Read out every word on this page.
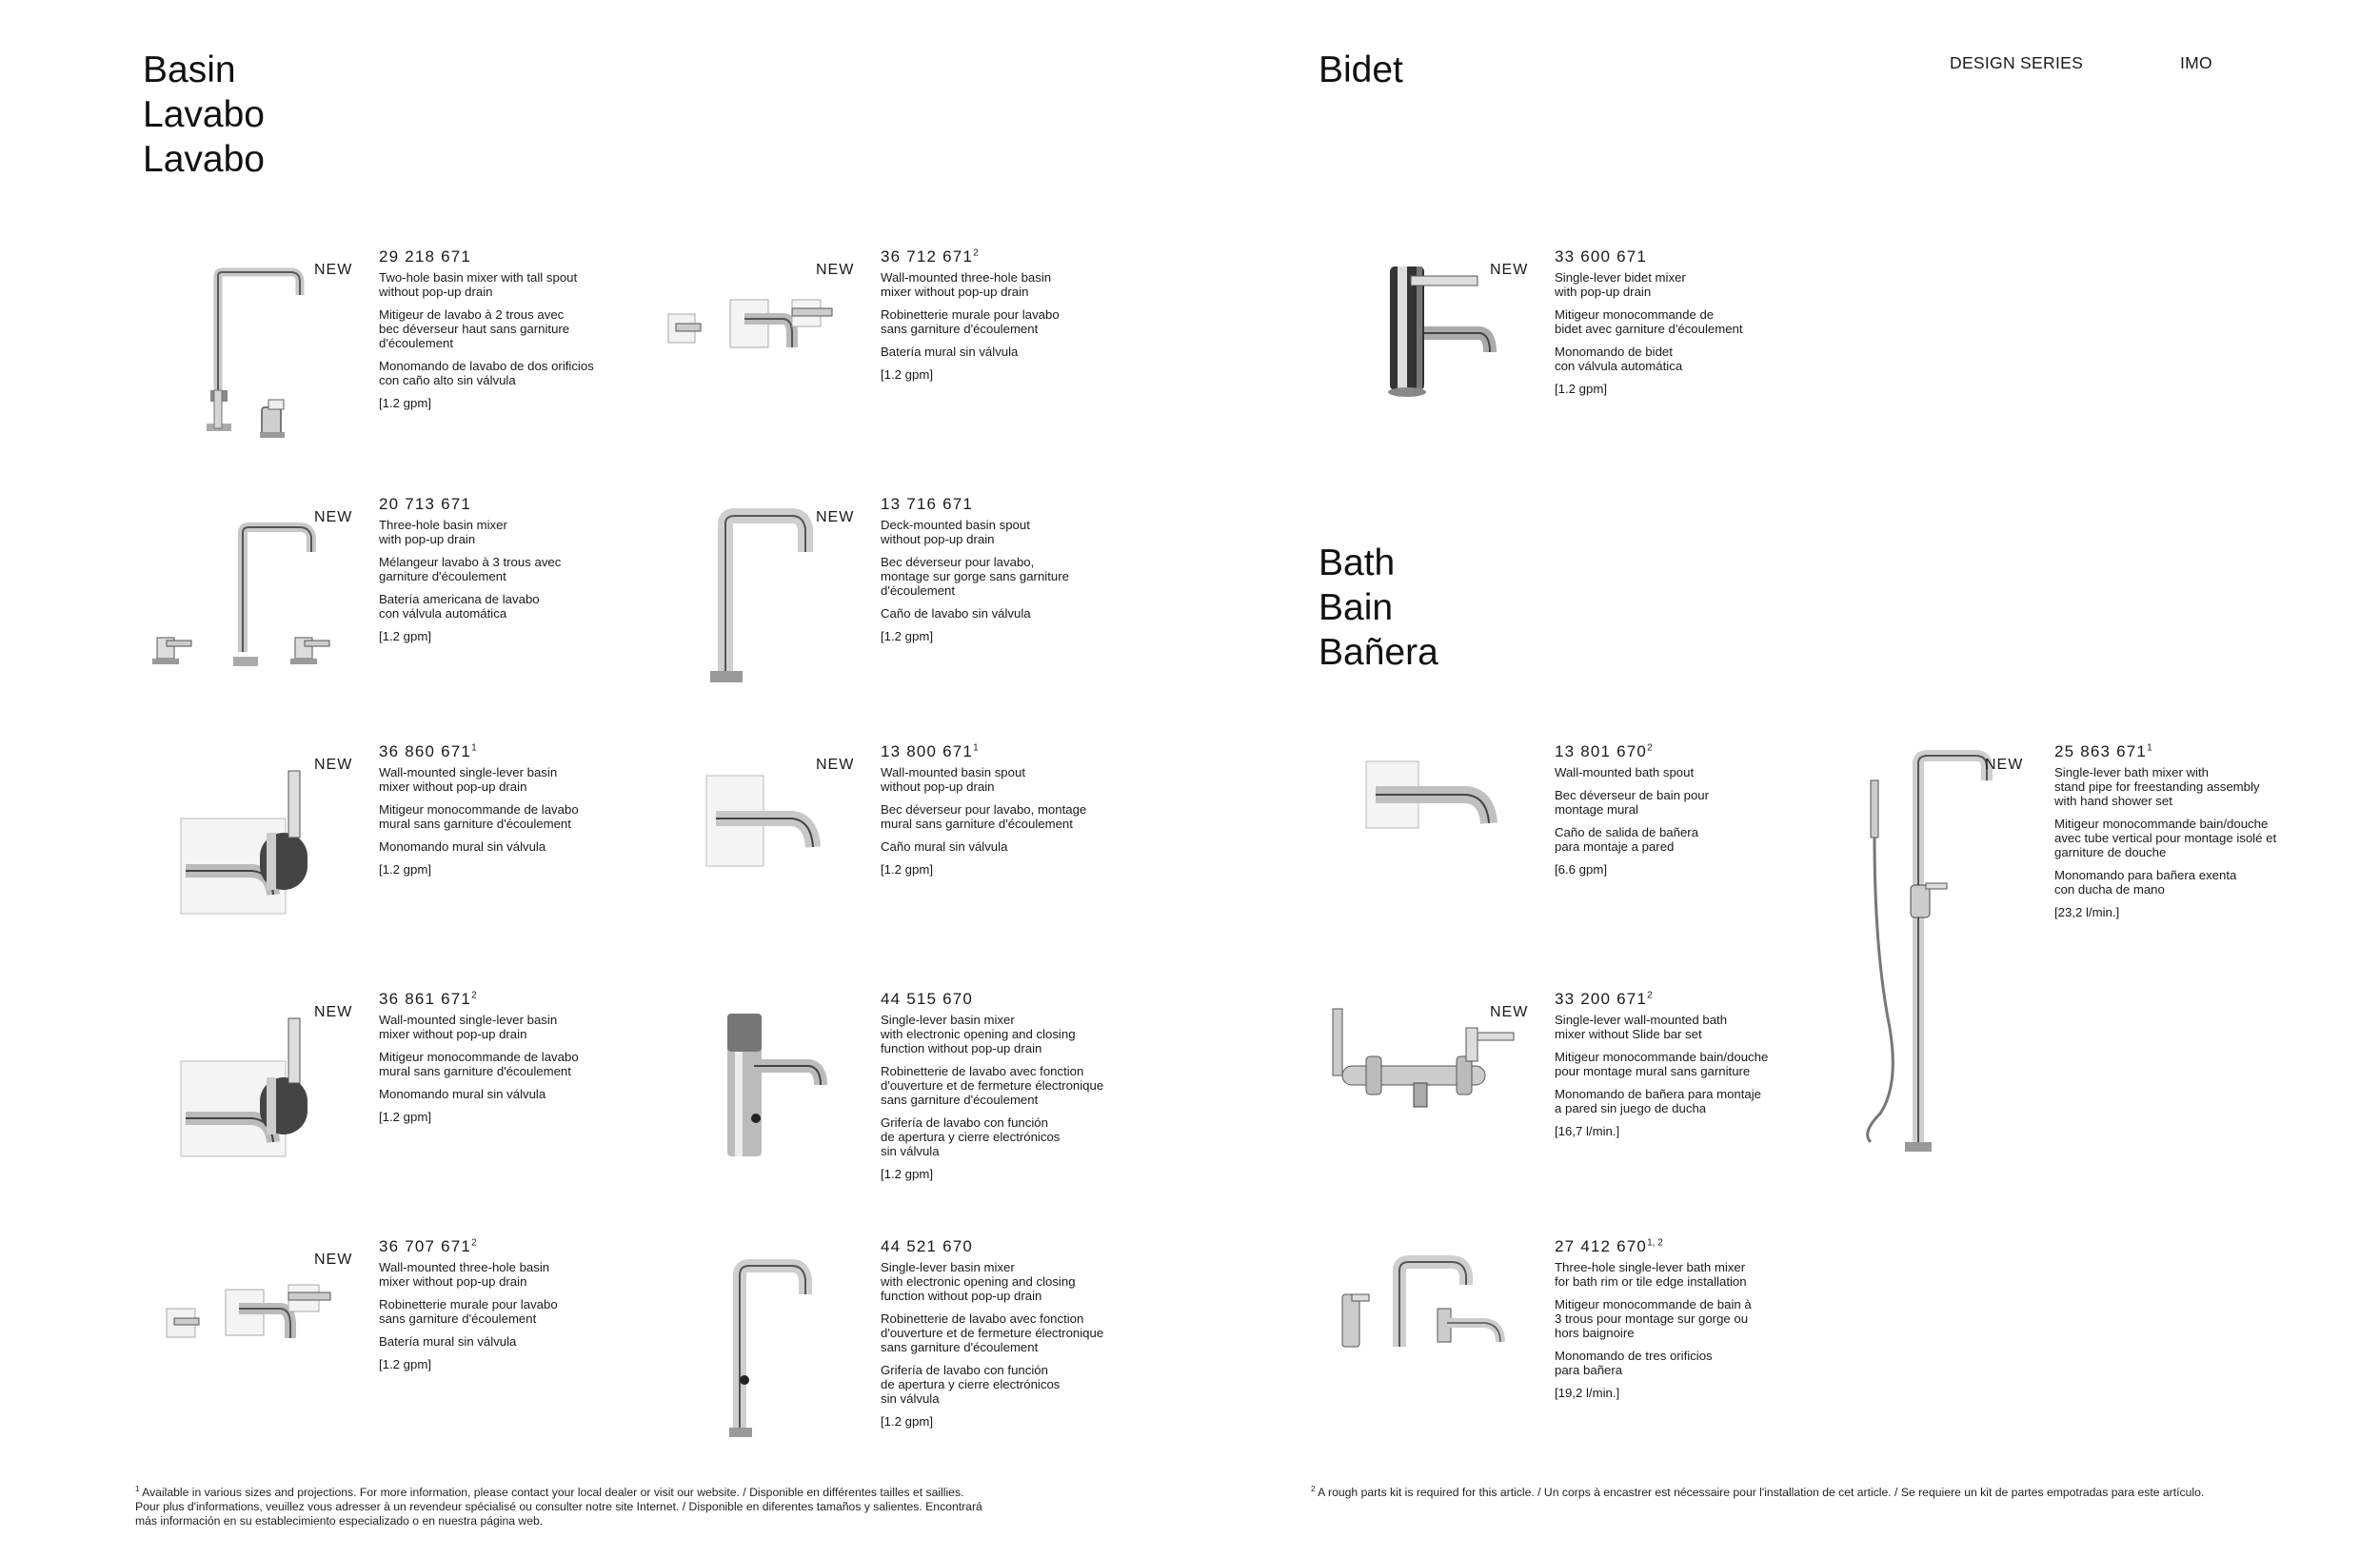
Basin
Lavabo
Lavabo
Bidet
Bath
Bain
Bañera
DESIGN SERIES	IMO
NEW
29 218 671
Two-hole basin mixer with tall spout
without pop-up drain
Mitigeur de lavabo à 2 trous avec
bec déverseur haut sans garniture
d'écoulement
Monomando de lavabo de dos orificios
con caño alto sin válvula
[1.2 gpm]
NEW
36 712 $671^2$
Wall-mounted three-hole basin
mixer without pop-up drain
Robinetterie murale pour lavabo
sans garniture d'écoulement
Batería mural sin válvula
[1.2 gpm]
NEW
33 600 671
Single-lever bidet mixer
with pop-up drain
Mitigeur monocommande de
bidet avec garniture d'écoulement
Monomando de bidet
con válvula automática
[1.2 gpm]
NEW
20 713 671
Three-hole basin mixer
with pop-up drain
Mélangeur lavabo à 3 trous avec
garniture d'écoulement
Batería americana de lavabo
con válvula automática
[1.2 gpm]
NEW
13 716 671
Deck-mounted basin spout
without pop-up drain
Bec déverseur pour lavabo,
montage sur gorge sans garniture
d'écoulement
Caño de lavabo sin válvula
[1.2 gpm]
NEW
36 860 $671^1$
Wall-mounted single-lever basin
mixer without pop-up drain
Mitigeur monocommande de lavabo
mural sans garniture d'écoulement
Monomando mural sin válvula
[1.2 gpm]
NEW
13 800 $671^1$
Wall-mounted basin spout
without pop-up drain
Bec déverseur pour lavabo, montage
mural sans garniture d'écoulement
Caño mural sin válvula
[1.2 gpm]
13 801 $670^2$
Wall-mounted bath spout
Bec déverseur de bain pour
montage mural
Caño de salida de bañera
para montaje a pared
[6.6 gpm]
NEW
25 863 $671^1$
Single-lever bath mixer with
stand pipe for freestanding assembly
with hand shower set
Mitigeur monocommande bain/douche
avec tube vertical pour montage isolé et
garniture de douche
Monomando para bañera exenta
con ducha de mano
[23,2 l/min.]
NEW
36 861 $671^2$
Wall-mounted single-lever basin
mixer without pop-up drain
Mitigeur monocommande de lavabo
mural sans garniture d'écoulement
Monomando mural sin válvula
[1.2 gpm]
44 515 670
Single-lever basin mixer
with electronic opening and closing
function without pop-up drain
Robinetterie de lavabo avec fonction
d'ouverture et de fermeture électronique
sans garniture d'écoulement
Grifería de lavabo con función
de apertura y cierre electrónicos
sin válvula
[1.2 gpm]
NEW
33 200 $671^2$
Single-lever wall-mounted bath
mixer without Slide bar set
Mitigeur monocommande bain/douche
pour montage mural sans garniture
Monomando de bañera para montaje
a pared sin juego de ducha
[16,7 l/min.]
NEW
36 707 $671^2$
Wall-mounted three-hole basin
mixer without pop-up drain
Robinetterie murale pour lavabo
sans garniture d'écoulement
Batería mural sin válvula
[1.2 gpm]
44 521 670
Single-lever basin mixer
with electronic opening and closing
function without pop-up drain
Robinetterie de lavabo avec fonction
d'ouverture et de fermeture électronique
sans garniture d'écoulement
Grifería de lavabo con función
de apertura y cierre electrónicos
sin válvula
[1.2 gpm]
27 412 670$^{1, 2}$
Three-hole single-lever bath mixer
for bath rim or tile edge installation
Mitigeur monocommande de bain à
3 trous pour montage sur gorge ou
hors baignoire
Monomando de tres orificios
para bañera
[19,2 l/min.]
$^1$ Available in various sizes and projections. For more information, please contact your local dealer or visit our website. / Disponible en différentes tailles et saillies.
Pour plus d'informations, veuillez vous adresser à un revendeur spécialisé ou consulter notre site Internet. / Disponible en diferentes tamaños y salientes. Encontrará
más información en su establecimiento especializado o en nuestra página web.
$^2$ A rough parts kit is required for this article. / Un corps à encastrer est nécessaire pour l'installation de cet article. / Se requiere un kit de partes empotradas para este artículo.
